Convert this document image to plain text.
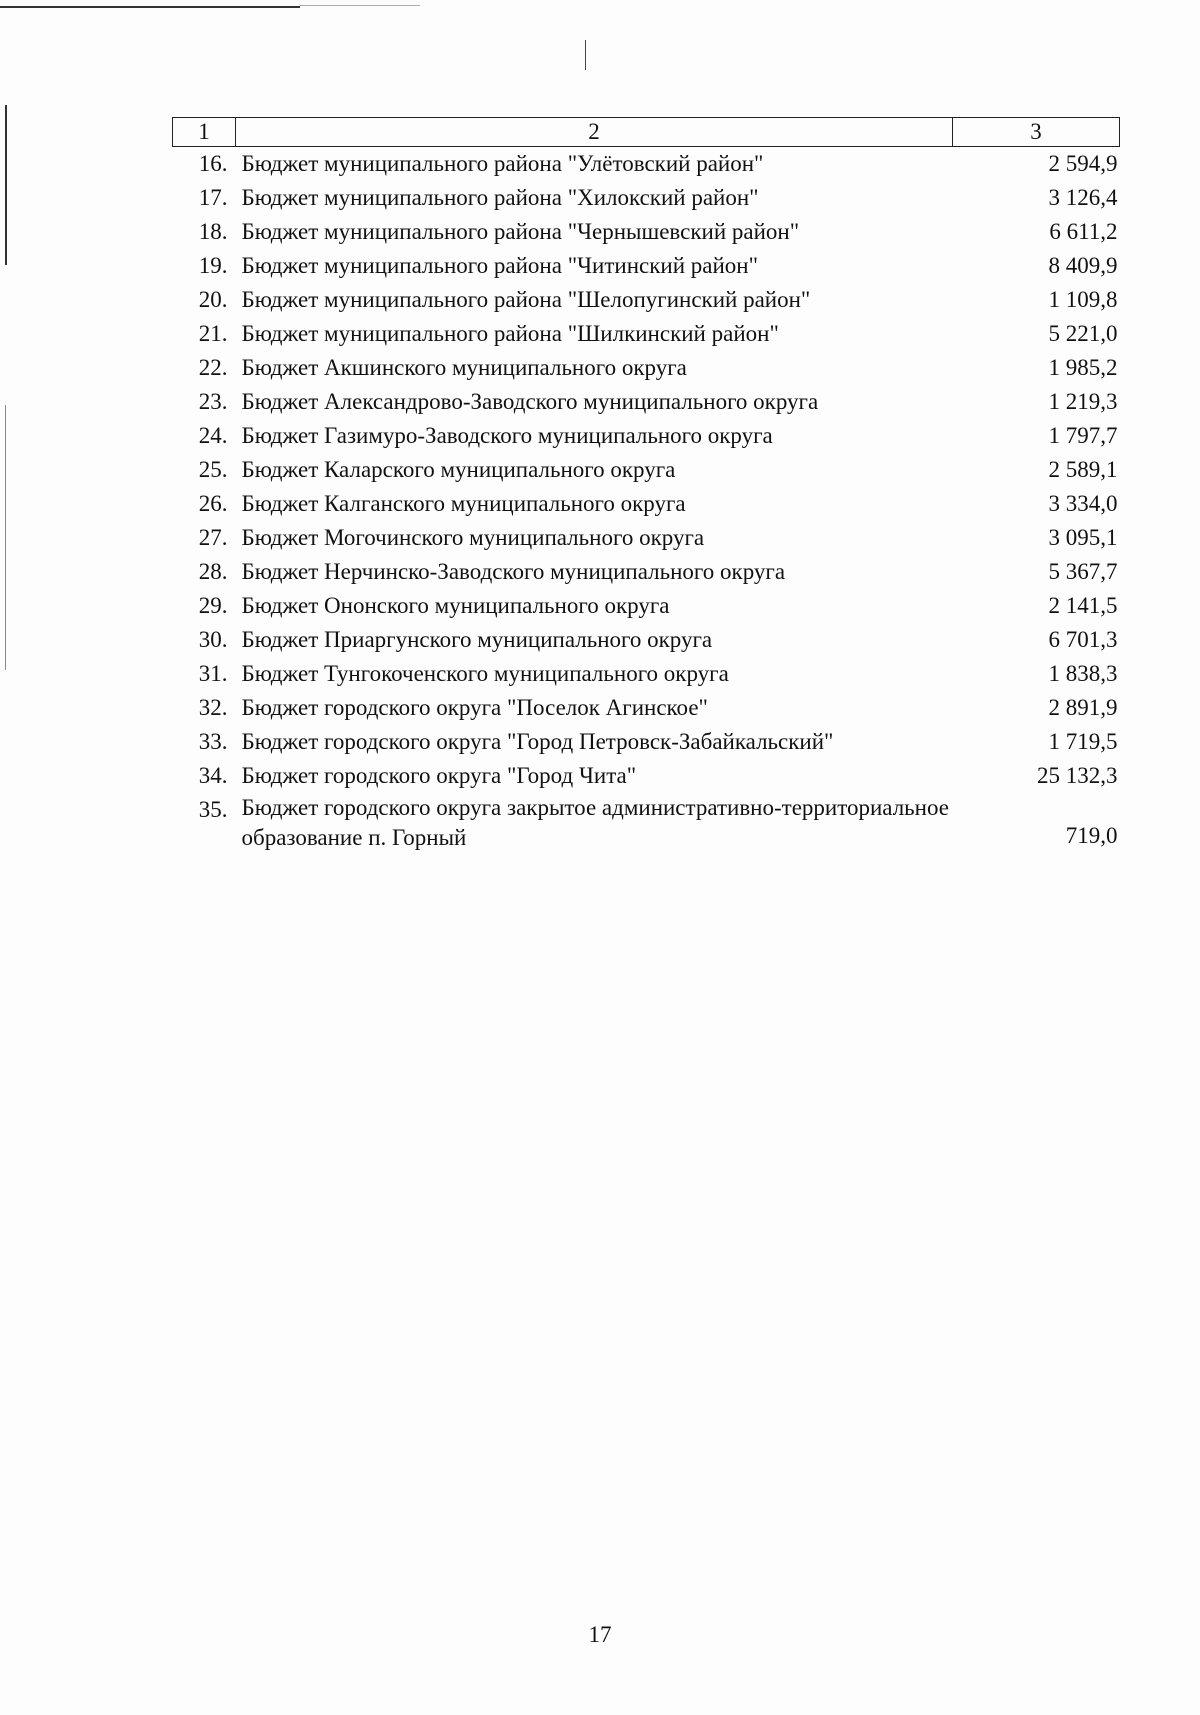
1	2	3
16.	Бюджет муниципального района "Улётовский район"	2 594,9
17.	Бюджет муниципального района "Хилокский район"	3 126,4
18.	Бюджет муниципального района "Чернышевский район"	6 611,2
19.	Бюджет муниципального района "Читинский район"	8 409,9
20.	Бюджет муниципального района "Шелопугинский район"	1 109,8
21.	Бюджет муниципального района "Шилкинский район"	5 221,0
22.	Бюджет Акшинского муниципального округа	1 985,2
23.	Бюджет Александрово-Заводского муниципального округа	1 219,3
24.	Бюджет Газимуро-Заводского муниципального округа	1 797,7
25.	Бюджет Каларского муниципального округа	2 589,1
26.	Бюджет Калганского муниципального округа	3 334,0
27.	Бюджет Могочинского муниципального округа	3 095,1
28.	Бюджет Нерчинско-Заводского муниципального округа	5 367,7
29.	Бюджет Ононского муниципального округа	2 141,5
30.	Бюджет Приаргунского муниципального округа	6 701,3
31.	Бюджет Тунгокоченского муниципального округа	1 838,3
32.	Бюджет городского округа "Поселок Агинское"	2 891,9
33.	Бюджет городского округа "Город Петровск-Забайкальский"	1 719,5
34.	Бюджет городского округа "Город Чита"	25 132,3
35.	Бюджет городского округа закрытое административно-территориальное образование п. Горный	719,0
17
